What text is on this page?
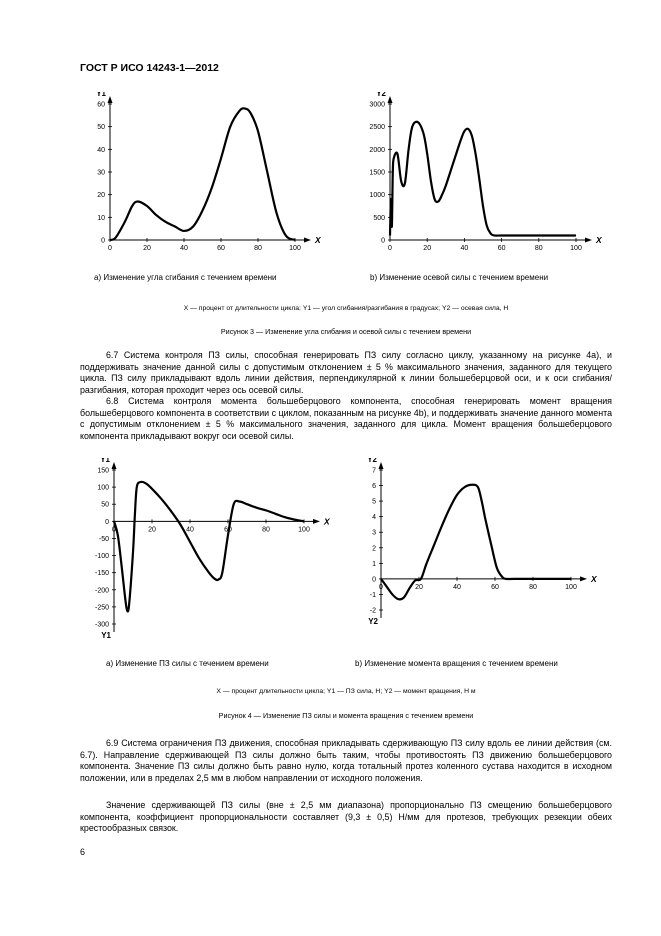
ГОСТ Р ИСО 14243-1—2012
Y1
X
0
10
20
30
40
50
60
0	20	40	60	80	100
Y2
X
0
500
1000
1500
2000
2500
3000
0	20	40	60	80	100
a) Изменение угла сгибания с течением времени	b) Изменение осевой силы с течением времени
X — процент от длительности цикла; Y1 — угол сгибания/разгибания в градусах; Y2 — осевая сила, Н
Рисунок 3 — Изменение угла сгибания и осевой силы с течением времени

6.7 Система контроля ПЗ силы, способная генерировать ПЗ силу согласно циклу, указанному на рисунке 4а), и поддерживать значение данной силы с допустимым отклонением ± 5 % максимального значения, заданного для текущего цикла. ПЗ силу прикладывают вдоль линии действия, перпендикулярной к линии большеберцовой оси, и к оси сгибания/разгибания, которая проходит через ось осевой силы.

6.8 Система контроля момента большеберцового компонента, способная генерировать момент вращения большеберцового компонента в соответствии с циклом, показанным на рисунке 4b), и поддерживать значение данного момента с допустимым отклонением ± 5 % максимального значения, заданного для цикла. Момент вращения большеберцового компонента прикладывают вокруг оси осевой силы.

Y1
X
Y1
150
100
50
0
-50
-100
-150
-200
-250
-300
0	20	40	60	80	100
Y2
X
Y2
7
6
5
4
3
2
1
0
-1
-2
0	20	40	60	80	100
a) Изменение ПЗ силы с течением времени	b) Изменение момента вращения с течением времени
X — процент длительности цикла; Y1 — ПЗ сила, Н; Y2 — момент вращения, Н м
Рисунок 4 — Изменение ПЗ силы и момента вращения с течением времени

6.9 Система ограничения ПЗ движения, способная прикладывать сдерживающую ПЗ силу вдоль ее линии действия (см. 6.7). Направление сдерживающей ПЗ силы должно быть таким, чтобы противостоять ПЗ движению большеберцового компонента. Значение ПЗ силы должно быть равно нулю, когда тотальный протез коленного сустава находится в исходном положении, или в пределах 2,5 мм в любом направлении от исходного положения.

Значение сдерживающей ПЗ силы (вне ± 2,5 мм диапазона) пропорционально ПЗ смещению большеберцового компонента, коэффициент пропорциональности составляет (9,3 ± 0,5) Н/мм для протезов, требующих резекции обеих крестообразных связок.

6
